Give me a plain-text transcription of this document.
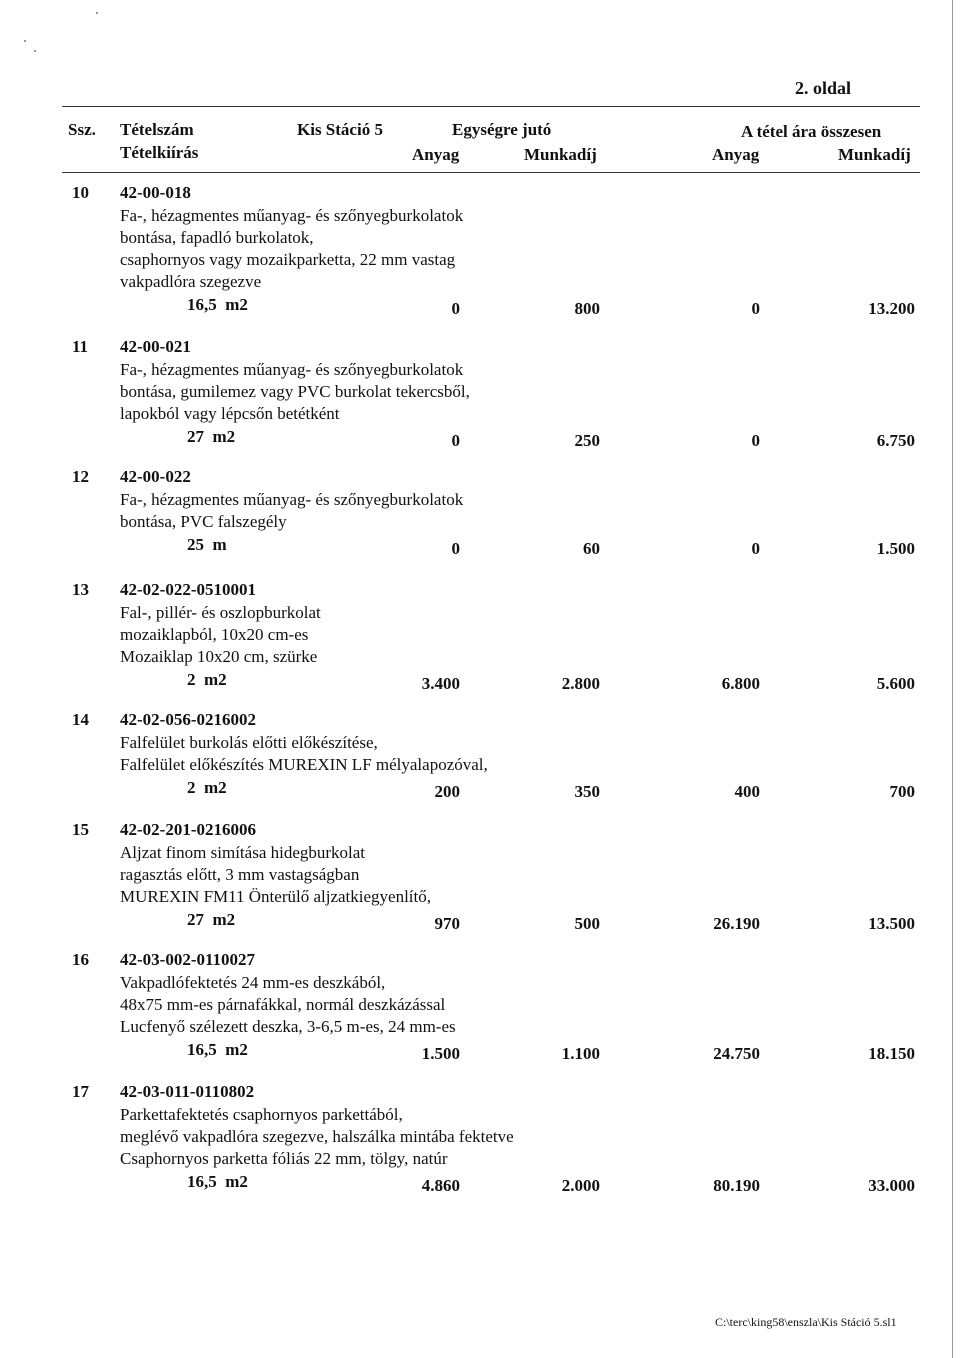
2. oldal
Ssz. Tételszám
Tételkiírás
Kis Stáció 5	Egységre jutó
Anyag	Munkadíj
A tétel ára összesen
Anyag	Munkadíj
10 42-00-018
Fa-, hézagmentes műanyag- és szőnyegburkolatok
bontása, fapadló burkolatok,
csaphornyos vagy mozaikparketta, 22 mm vastag
vakpadlóra szegezve
16,5  m2	0	800	0	13.200
11 42-00-021
Fa-, hézagmentes műanyag- és szőnyegburkolatok
bontása, gumilemez vagy PVC burkolat tekercsből,
lapokból vagy lépcsőn betétként
27  m2	0	250	0	6.750
12 42-00-022
Fa-, hézagmentes műanyag- és szőnyegburkolatok
bontása, PVC falszegély
25  m	0	60	0	1.500
13 42-02-022-0510001
Fal-, pillér- és oszlopburkolat
mozaiklapból, 10x20 cm-es
Mozaiklap 10x20 cm, szürke
2  m2	3.400	2.800	6.800	5.600
14 42-02-056-0216002
Falfelület burkolás előtti előkészítése,
Falfelület előkészítés MUREXIN LF mélyalapozóval,
2  m2	200	350	400	700
15 42-02-201-0216006
Aljzat finom simítása hidegburkolat
ragasztás előtt, 3 mm vastagságban
MUREXIN FM11 Önterülő aljzatkiegyenlítő,
27  m2	970	500	26.190	13.500
16 42-03-002-0110027
Vakpadlófektetés 24 mm-es deszkából,
48x75 mm-es párnafákkal, normál deszkázással
Lucfenyő szélezett deszka, 3-6,5 m-es, 24 mm-es
16,5  m2	1.500	1.100	24.750	18.150
17 42-03-011-0110802
Parkettafektetés csaphornyos parkettából,
meglévő vakpadlóra szegezve, halszálka mintába fektetve
Csaphornyos parketta fóliás 22 mm, tölgy, natúr
16,5  m2	4.860	2.000	80.190	33.000
C:\terc\king58\enszla\Kis Stáció 5.sl1
